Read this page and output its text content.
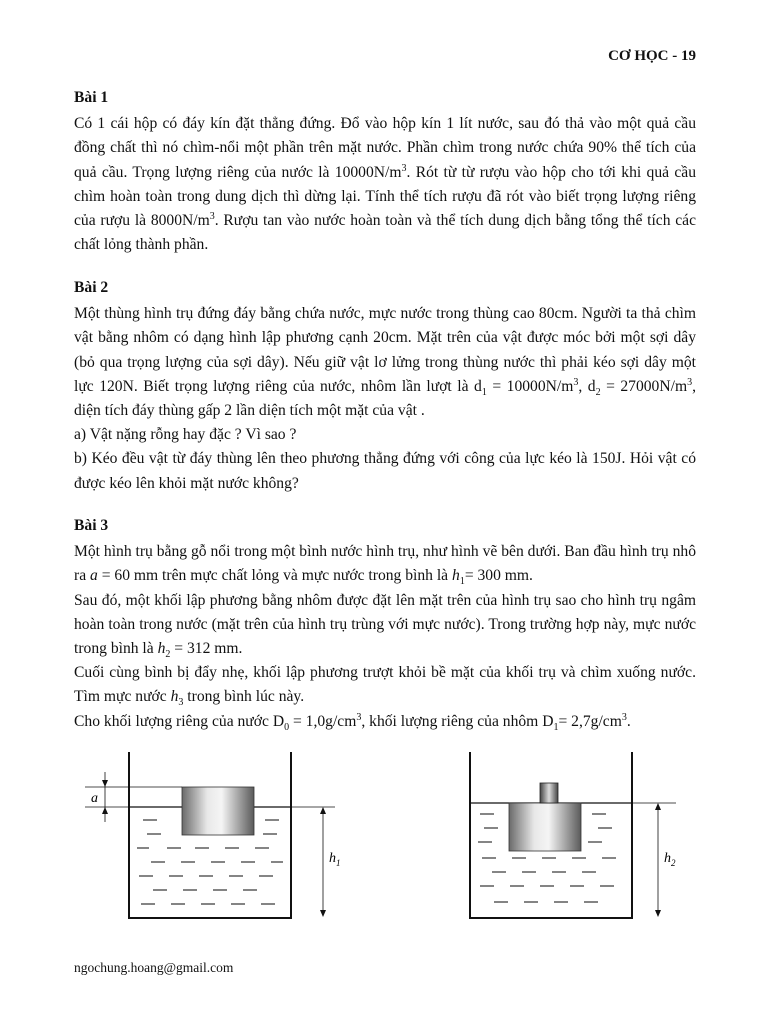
CƠ HỌC - 19
Bài 1

Có 1 cái hộp có đáy kín đặt thẳng đứng. Đổ vào hộp kín 1 lít nước, sau đó thả vào một quả cầu đồng chất thì nó chìm-nổi một phần trên mặt nước. Phần chìm trong nước chứa 90% thể tích của quả cầu. Trọng lượng riêng của nước là $10000N/m^3$. Rót từ từ rượu vào hộp cho tới khi quả cầu chìm hoàn toàn trong dung dịch thì dừng lại. Tính thể tích rượu đã rót vào biết trọng lượng riêng của rượu là $8000N/m^3$. Rượu tan vào nước hoàn toàn và thể tích dung dịch bằng tổng thể tích các chất lỏng thành phần.

Bài 2

Một thùng hình trụ đứng đáy bằng chứa nước, mực nước trong thùng cao 80cm. Người ta thả chìm vật bằng nhôm có dạng hình lập phương cạnh 20cm. Mặt trên của vật được móc bởi một sợi dây (bỏ qua trọng lượng của sợi dây). Nếu giữ vật lơ lửng trong thùng nước thì phải kéo sợi dây một lực 120N. Biết trọng lượng riêng của nước, nhôm lần lượt là $d_1 = 10000N/m^3$, $d_2 = 27000N/m^3$, diện tích đáy thùng gấp 2 lần diện tích một mặt của vật .

a) Vật nặng rỗng hay đặc ? Vì sao ?

b) Kéo đều vật từ đáy thùng lên theo phương thẳng đứng với công của lực kéo là 150J. Hỏi vật có được kéo lên khỏi mặt nước không?

Bài 3

Một hình trụ bằng gỗ nổi trong một bình nước hình trụ, như hình vẽ bên dưới. Ban đầu hình trụ nhô ra a = 60 mm trên mực chất lỏng và mực nước trong bình là $h_1= 300$ mm.

Sau đó, một khối lập phương bằng nhôm được đặt lên mặt trên của hình trụ sao cho hình trụ ngâm hoàn toàn trong nước (mặt trên của hình trụ trùng với mực nước). Trong trường hợp này, mực nước trong bình là $h_2 = 312$ mm.

Cuối cùng bình bị đẩy nhẹ, khối lập phương trượt khỏi bề mặt của khối trụ và chìm xuống nước. Tìm mực nước $h_3$ trong bình lúc này.

Cho khối lượng riêng của nước $D_0 = 1,0g/cm^3$, khối lượng riêng của nhôm $D_1= 2,7g/cm^3$.

a
$h_1$	$h_2$
ngochung.hoang@gmail.com
